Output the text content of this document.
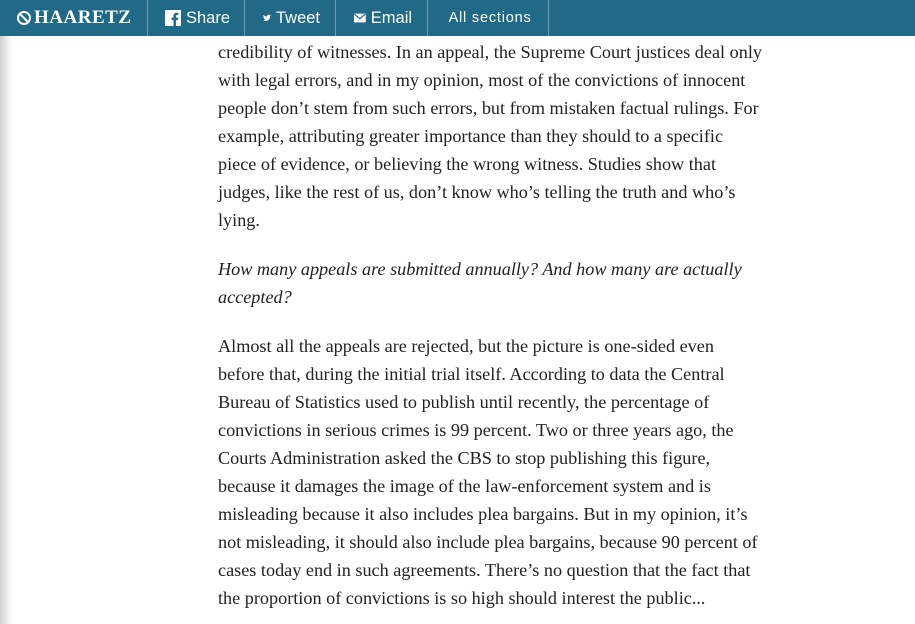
credibility of witnesses. In an appeal, the Supreme Court justices deal only with legal errors, and in my opinion, most of the convictions of innocent people don’t stem from such errors, but from mistaken factual rulings. For example, attributing greater importance than they should to a specific piece of evidence, or believing the wrong witness. Studies show that judges, like the rest of us, don’t know who’s telling the truth and who’s lying.

How many appeals are submitted annually? And how many are actually accepted?

Almost all the appeals are rejected, but the picture is one-sided even before that, during the initial trial itself. According to data the Central Bureau of Statistics used to publish until recently, the percentage of convictions in serious crimes is 99 percent. Two or three years ago, the Courts Administration asked the CBS to stop publishing this figure, because it damages the image of the law-enforcement system and is misleading because it also includes plea bargains. But in my opinion, it’s not misleading, it should also include plea bargains, because 90 percent of cases today end in such agreements. There’s no question that the fact that the proportion of convictions is so high should interest the public...

HAARETZ	Share	Tweet	Email	All sections
